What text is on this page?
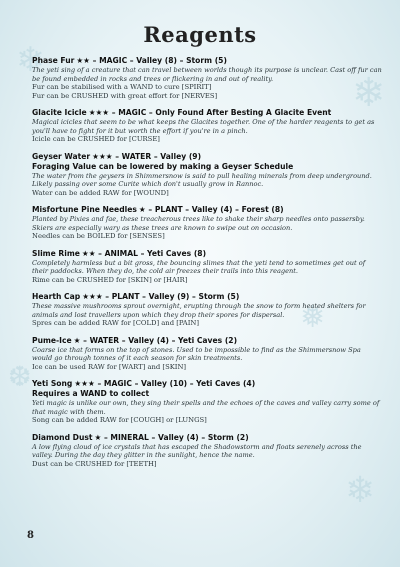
❄
❄
❅
❆
❄
Reagents
Phase Fur ★★ – MAGIC – Valley (8) – Storm (5)
The yeti sing of a creature that can travel between worlds though its purpose is unclear. Cast off fur can be found embedded in rocks and trees or flickering in and out of reality.
Fur can be stabilised with a WAND to cure [SPIRIT]
Fur can be CRUSHED with great effort for [NERVES]
Glacite Icicle ★★★ – MAGIC – Only Found After Besting A Glacite Event
Magical icicles that seem to be what keeps the Glacites together. One of the harder reagents to get as you'll have to fight for it but worth the effort if you're in a pinch.
Icicle can be CRUSHED for [CURSE]
Geyser Water ★★★ – WATER – Valley (9)
Foraging Value can be lowered by making a Geyser Schedule
The water from the geysers in Shimmersnow is said to pull healing minerals from deep underground. Likely passing over some Curite which don't usually grow in Rannoc.
Water can be added RAW for [WOUND]
Misfortune Pine Needles ★ – PLANT – Valley (4) – Forest (8)
Planted by Pixies and fae, these treacherous trees like to shake their sharp needles onto passersby. Skiers are especially wary as these trees are known to swipe out on occasion.
Needles can be BOILED for [SENSES]
Slime Rime ★★ – ANIMAL – Yeti Caves (8)
Completely harmless but a bit gross, the bouncing slimes that the yeti tend to sometimes get out of their paddocks. When they do, the cold air freezes their trails into this reagent.
Rime can be CRUSHED for [SKIN] or [HAIR]
Hearth Cap ★★★ – PLANT – Valley (9) – Storm (5)
These massive mushrooms sprout overnight, erupting through the snow to form heated shelters for animals and lost travellers upon which they drop their spores for dispersal.
Spres can be added RAW for [COLD] and [PAIN]
Pume-Ice ★ – WATER – Valley (4) – Yeti Caves (2)
Coarse ice that forms on the top of stones. Used to be impossible to find as the Shimmersnow Spa would go through tonnes of it each season for skin treatments.
Ice can be used RAW for [WART] and [SKIN]
Yeti Song ★★★ – MAGIC – Valley (10) – Yeti Caves (4)
Requires a WAND to collect
Yeti magic is unlike our own, they sing their spells and the echoes of the caves and valley carry some of that magic with them.
Song can be added RAW for [COUGH] or [LUNGS]
Diamond Dust ★ – MINERAL – Valley (4) – Storm (2)
A low flying cloud of ice crystals that has escaped the Shadowstorm and floats serenely across the valley. During the day they glitter in the sunlight, hence the name.
Dust can be CRUSHED for [TEETH]
8
